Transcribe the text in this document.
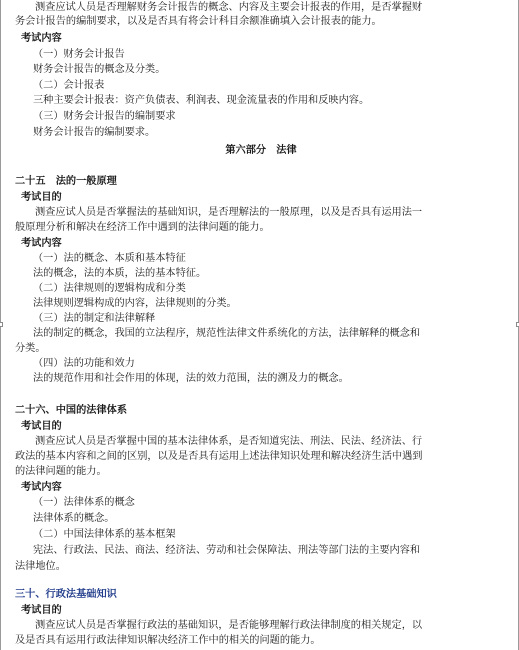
测查应试人员是否理解财务会计报告的概念、内容及主要会计报表的作用，是否掌握财
务会计报告的编制要求，以及是否具有将会计科目余额准确填入会计报表的能力。
考试内容
（一）财务会计报告
财务会计报告的概念及分类。
（二）会计报表
三种主要会计报表：资产负债表、利润表、现金流量表的作用和反映内容。
（三）财务会计报告的编制要求
财务会计报告的编制要求。
第六部分　法律
二十五　法的一般原理
考试目的
测查应试人员是否掌握法的基础知识，是否理解法的一般原理，以及是否具有运用法一
般原理分析和解决在经济工作中遇到的法律问题的能力。
考试内容
（一）法的概念、本质和基本特征
法的概念，法的本质，法的基本特征。
（二）法律规则的逻辑构成和分类
法律规则逻辑构成的内容，法律规则的分类。
（三）法的制定和法律解释
法的制定的概念，我国的立法程序，规范性法律文件系统化的方法，法律解释的概念和
分类。
（四）法的功能和效力
法的规范作用和社会作用的体现，法的效力范围，法的溯及力的概念。
二十六、中国的法律体系
考试目的
测查应试人员是否掌握中国的基本法律体系，是否知道宪法、刑法、民法、经济法、行
政法的基本内容和之间的区别，以及是否具有运用上述法律知识处理和解决经济生活中遇到
的法律问题的能力。
考试内容
（一）法律体系的概念
法律体系的概念。
（二）中国法律体系的基本框架
宪法、行政法、民法、商法、经济法、劳动和社会保障法、刑法等部门法的主要内容和
法律地位。
三十、行政法基础知识
考试目的
测查应试人员是否掌握行政法的基础知识，是否能够理解行政法律制度的相关规定，以
及是否具有运用行政法律知识解决经济工作中的相关的问题的能力。
